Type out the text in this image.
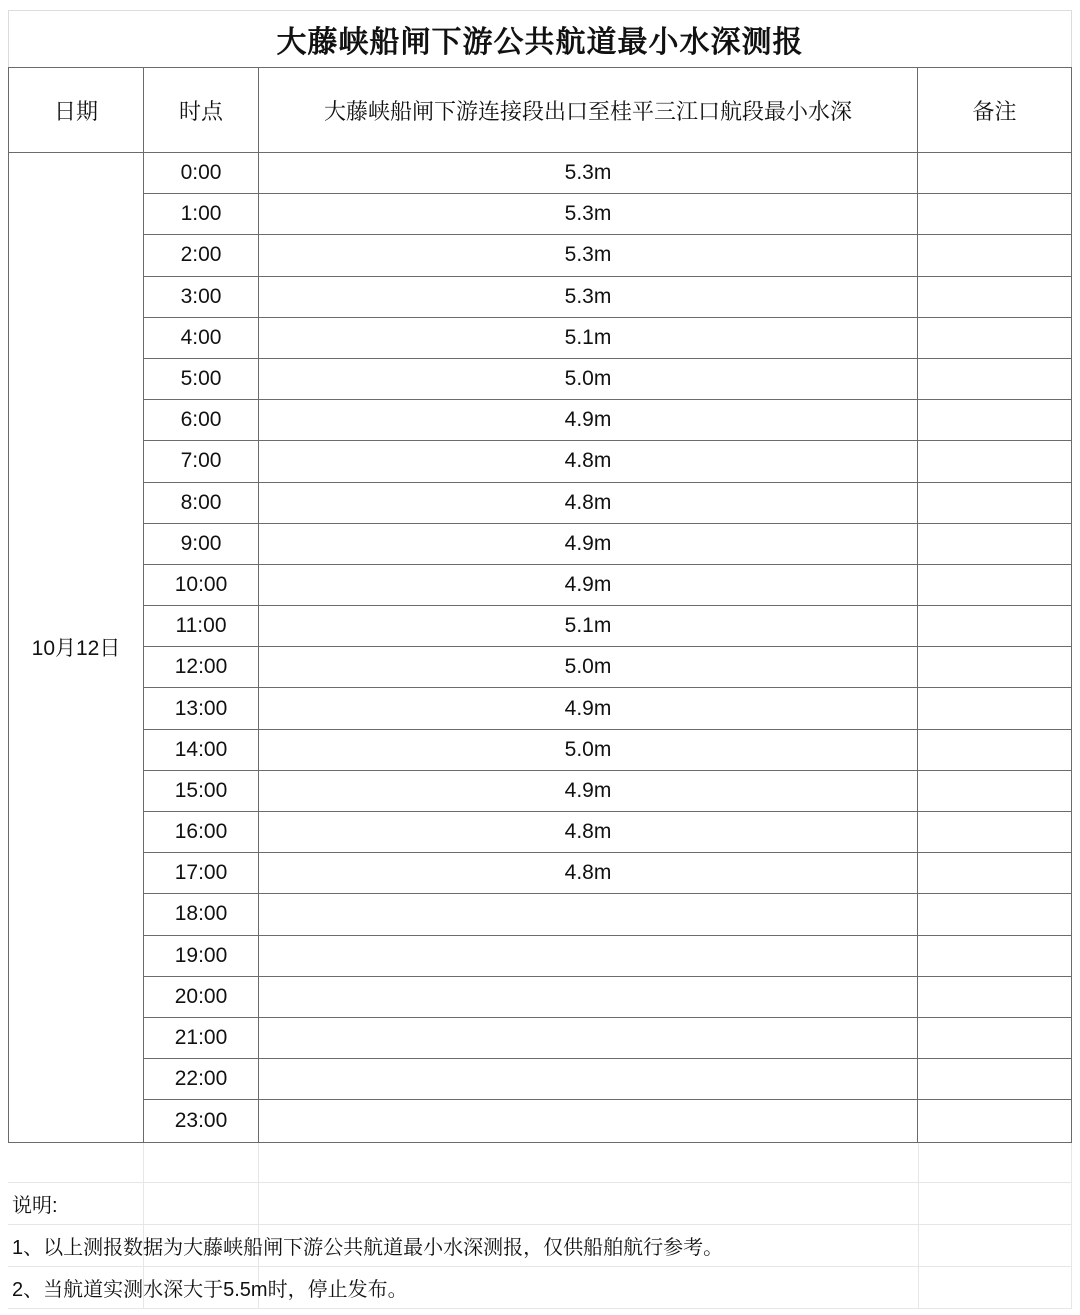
大藤峡船闸下游公共航道最小水深测报
日期	时点	大藤峡船闸下游连接段出口至桂平三江口航段最小水深	备注
10月12日
0:00	5.3m
1:00	5.3m
2:00	5.3m
3:00	5.3m
4:00	5.1m
5:00	5.0m
6:00	4.9m
7:00	4.8m
8:00	4.8m
9:00	4.9m
10:00	4.9m
11:00	5.1m
12:00	5.0m
13:00	4.9m
14:00	5.0m
15:00	4.9m
16:00	4.8m
17:00	4.8m
18:00
19:00
20:00
21:00
22:00
23:00
说明:
1、以上测报数据为大藤峡船闸下游公共航道最小水深测报，仅供船舶航行参考。
2、当航道实测水深大于5.5m时，停止发布。
